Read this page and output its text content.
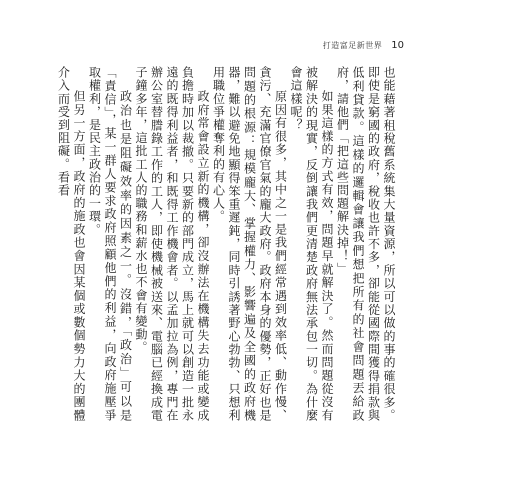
打造富足新世界 10

也能藉著租稅舊系統集大量資源，所以可以做的事的確很多。即使是窮國的政府，稅收也許不多，卻能從國際間獲得捐款與低利貸款。這樣的邏輯會讓我們想把所有的社會問題丟給政府，請他們「把這些問題解決掉！」

如果這樣的方式有效，問題早就解決了。然而問題從沒有被解決的現實，反倒讓我們更清楚政府無法承包一切。為什麼會這樣呢？

原因有很多，其中之一是我們經常遇到效率低、動作慢、貪污、充滿官僚官氣的龐大政府。政府本身的優勢，正好也是問題的根源：規模龐大、掌握權力、影響遍及全國的政府機器，難以避免地顯得笨重遲鈍，同時引誘著野心勃勃、只想利用職位爭權奪利的有心人。

政府常會設立新的機構，卻沒辦法在機構失去功能或變成負擔時加以裁撤。只要新的部門成立，馬上就可以創造一批永遠的既得利益者，和既得工作機會者。以孟加拉為例，專門在辦公室替謄錄工作的工人，即使機械被送來、電腦已經換成電子鐘多年，這批工人的職務和薪水也不會有變動。

政治也是阻礙效率的因素之一。沒錯，「政治」可以是「責信」，某一群人要求政府照顧他們的利益，向政府施壓爭取權利，是民主政治的一環。

但另一方面，政府的施政也會因某個或數個勢力大的團體介入而受到阻礙。看看
